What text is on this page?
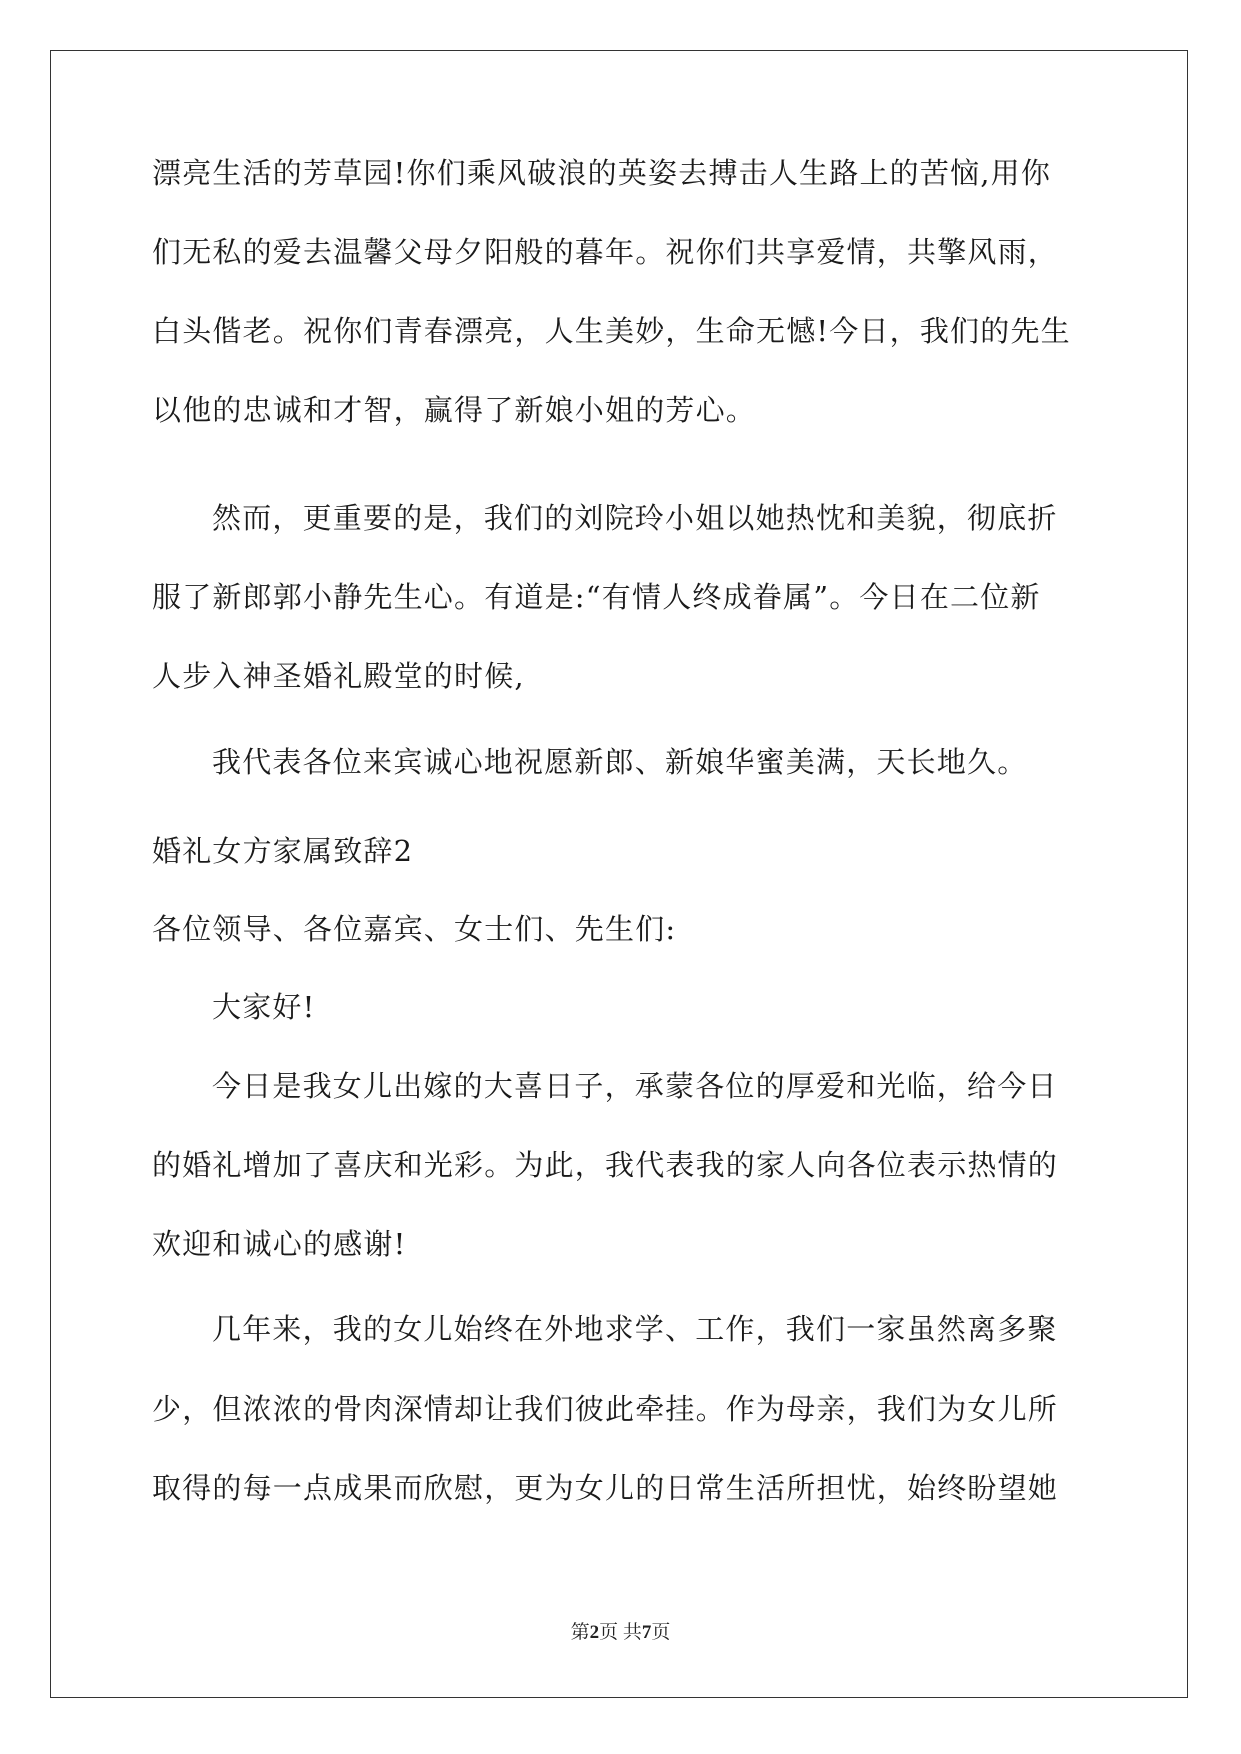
漂亮生活的芳草园!你们乘风破浪的英姿去搏击人生路上的苦恼,用你
们无私的爱去温馨父母夕阳般的暮年。祝你们共享爱情，共擎风雨，
白头偕老。祝你们青春漂亮，人生美妙，生命无憾!今日，我们的先生
以他的忠诚和才智，赢得了新娘小姐的芳心。
然而，更重要的是，我们的刘院玲小姐以她热忱和美貌，彻底折
服了新郎郭小静先生心。有道是:“有情人终成眷属”。今日在二位新
人步入神圣婚礼殿堂的时候,
我代表各位来宾诚心地祝愿新郎、新娘华蜜美满，天长地久。
婚礼女方家属致辞2
各位领导、各位嘉宾、女士们、先生们:
大家好!
今日是我女儿出嫁的大喜日子，承蒙各位的厚爱和光临，给今日
的婚礼增加了喜庆和光彩。为此，我代表我的家人向各位表示热情的
欢迎和诚心的感谢!
几年来，我的女儿始终在外地求学、工作，我们一家虽然离多聚
少，但浓浓的骨肉深情却让我们彼此牵挂。作为母亲，我们为女儿所
取得的每一点成果而欣慰，更为女儿的日常生活所担忧，始终盼望她
第2页 共7页
